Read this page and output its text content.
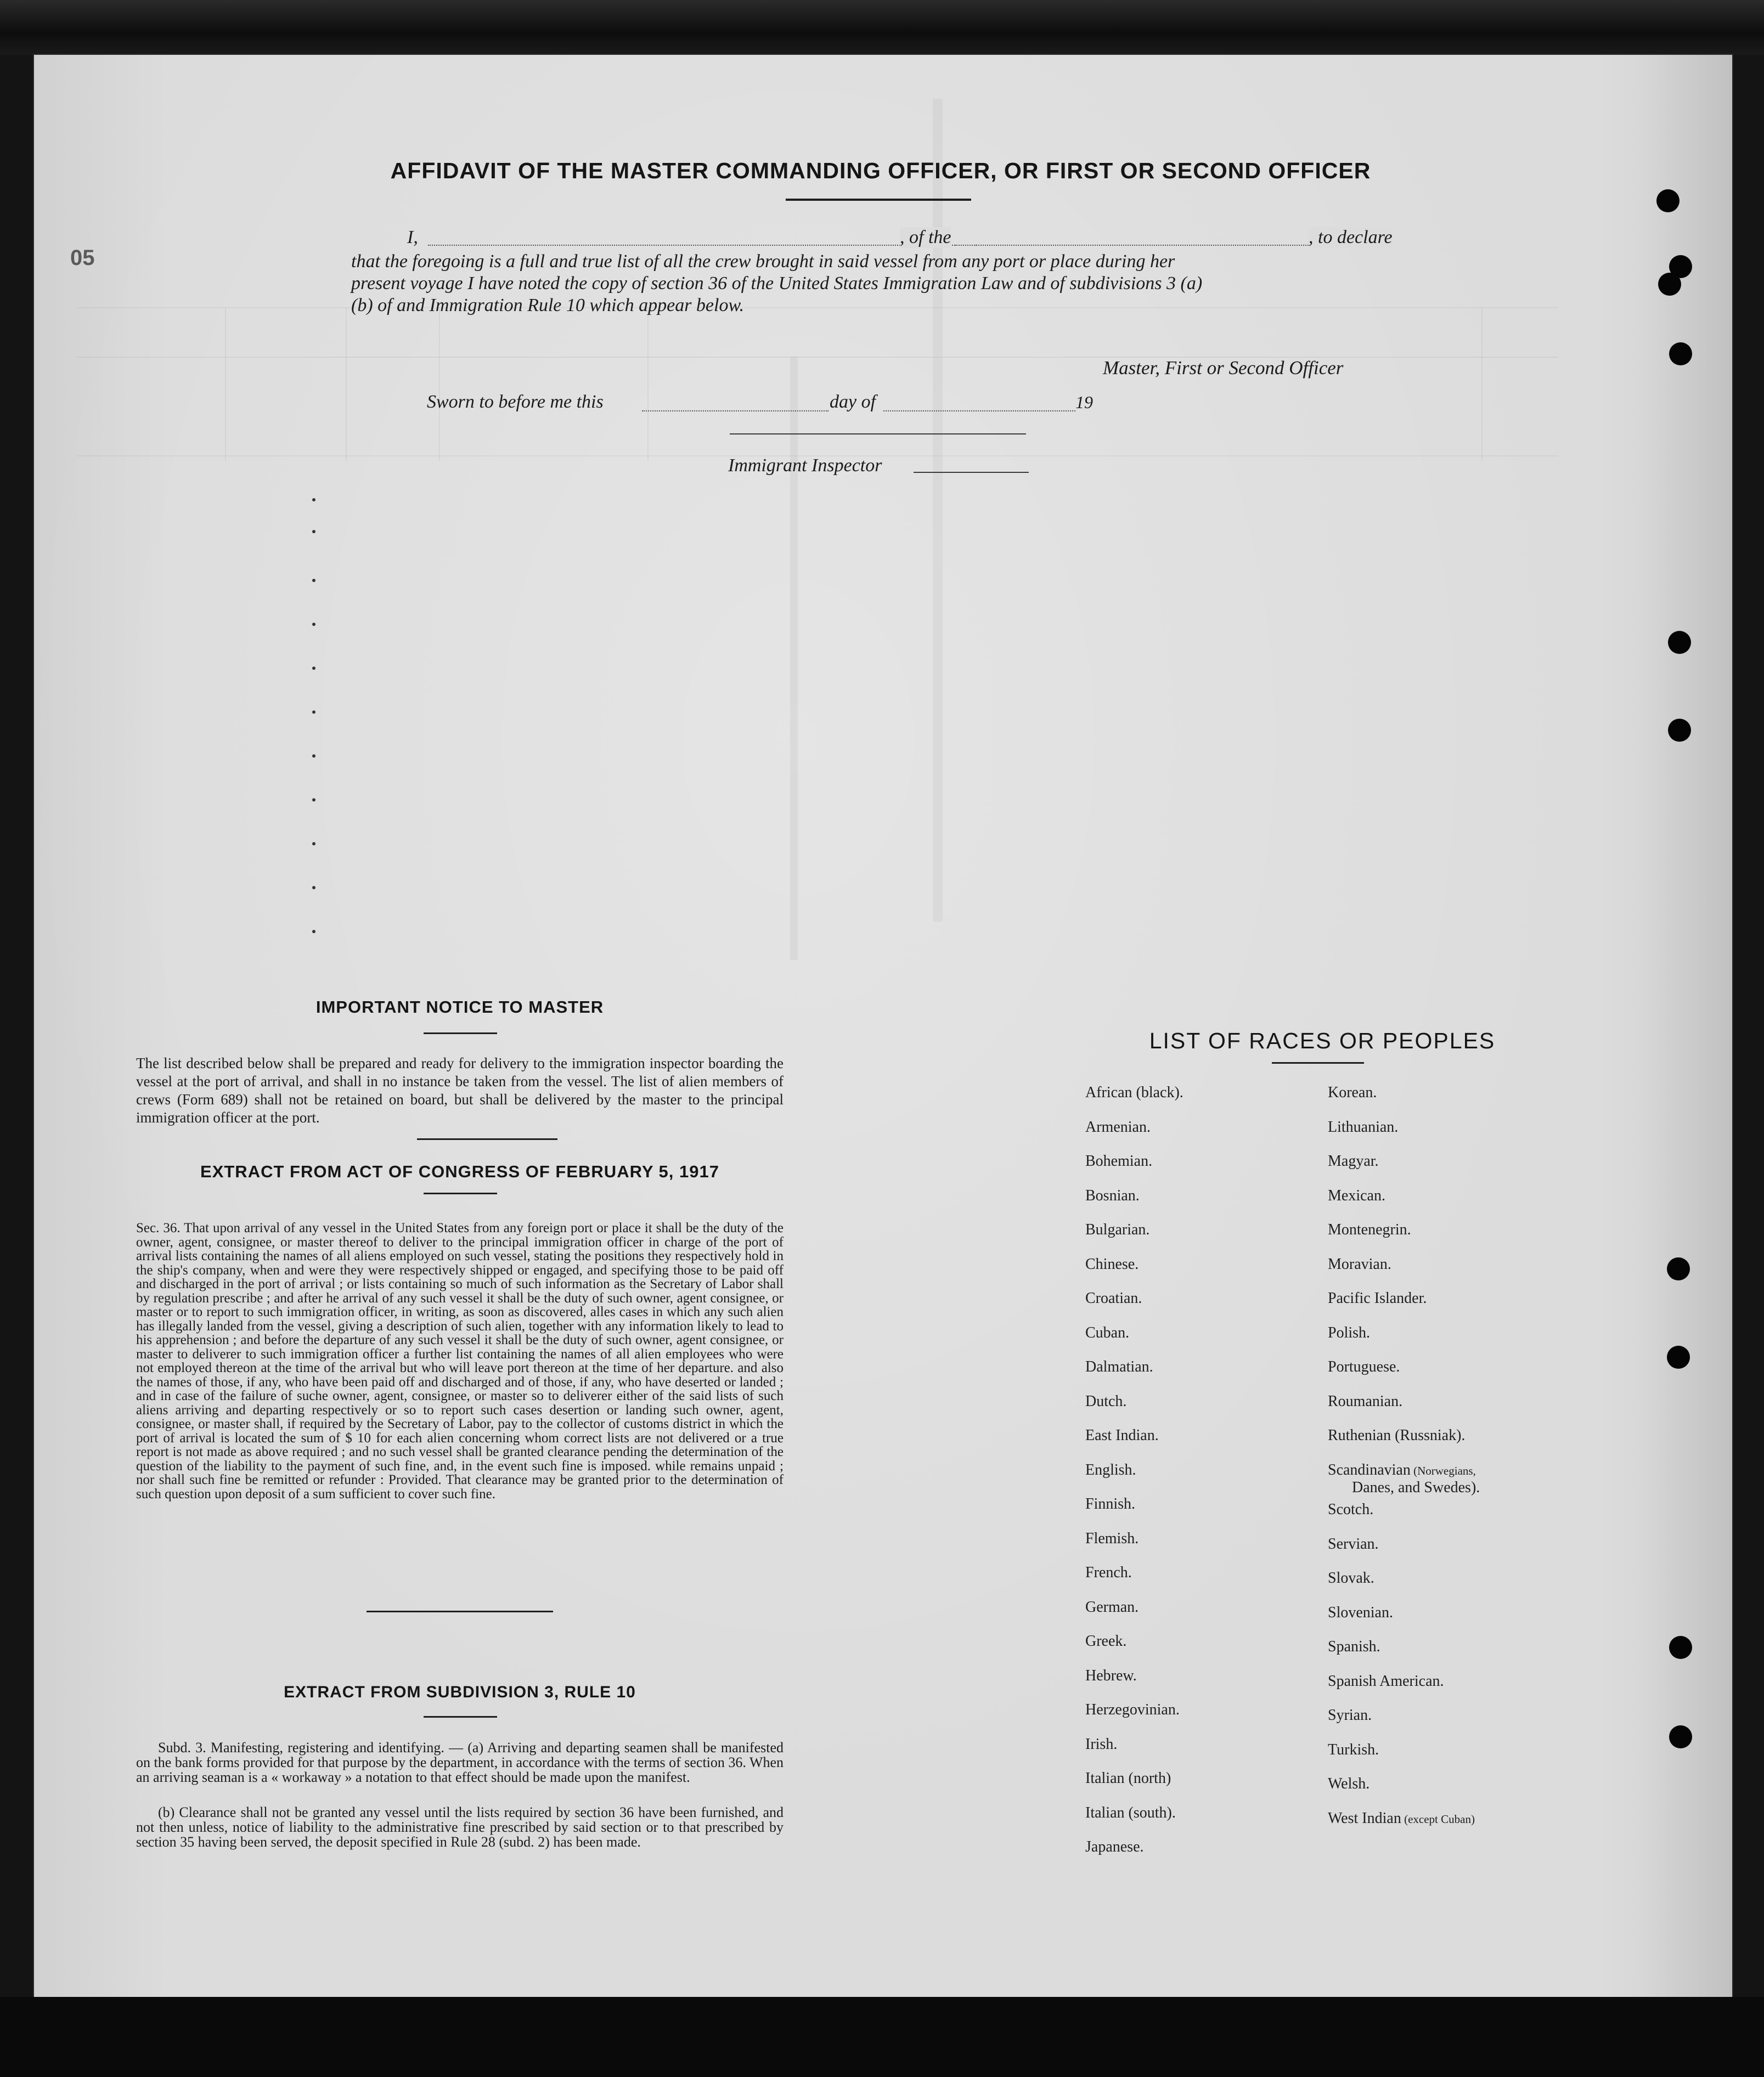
05
AFFIDAVIT OF THE MASTER COMMANDING OFFICER, OR FIRST OR SECOND OFFICER
I,	, of the	, to declare
that the foregoing is a full and true list of all the crew brought in said vessel from any port or place during her
present voyage I have noted the copy of section 36 of the United States Immigration Law and of subdivisions 3 (a)
(b) of and Immigration Rule 10 which appear below.
Master, First or Second Officer
Sworn to before me this	day of	19
Immigrant Inspector
IMPORTANT NOTICE TO MASTER
The list described below shall be prepared and ready for delivery to the immigration inspector boarding the vessel at the port of arrival, and shall in no instance be taken from the vessel. The list of alien members of crews (Form 689) shall not be retained on board, but shall be delivered by the master to the principal immigration officer at the port.
EXTRACT FROM ACT OF CONGRESS OF FEBRUARY 5, 1917
Sec. 36. That upon arrival of any vessel in the United States from any foreign port or place it shall be the duty of the owner, agent, consignee, or master thereof to deliver to the principal immigration officer in charge of the port of arrival lists containing the names of all aliens employed on such vessel, stating the positions they respectively hold in the ship's company, when and were they were respectively shipped or engaged, and specifying those to be paid off and discharged in the port of arrival ; or lists containing so much of such information as the Secretary of Labor shall by regulation prescribe ; and after he arrival of any such vessel it shall be the duty of such owner, agent consignee, or master or to report to such immigration officer, in writing, as soon as discovered, alles cases in which any such alien has illegally landed from the vessel, giving a description of such alien, together with any information likely to lead to his apprehension ; and before the departure of any such vessel it shall be the duty of such owner, agent consignee, or master to deliverer to such immigration officer a further list containing the names of all alien employees who were not employed thereon at the time of the arrival but who will leave port thereon at the time of her departure. and also the names of those, if any, who have been paid off and discharged and of those, if any, who have deserted or landed ; and in case of the failure of suche owner, agent, consignee, or master so to deliverer either of the said lists of such aliens arriving and departing respectively or so to report such cases desertion or landing such owner, agent, consignee, or master shall, if required by the Secretary of Labor, pay to the collector of customs district in which the port of arrival is located the sum of $ 10 for each alien concerning whom correct lists are not delivered or a true report is not made as above required ; and no such vessel shall be granted clearance pending the determination of the question of the liability to the payment of such fine, and, in the event such fine is imposed. while remains unpaid ; nor shall such fine be remitted or refunder : Provided. That clearance may be granted prior to the determination of such question upon deposit of a sum sufficient to cover such fine.
EXTRACT FROM SUBDIVISION 3, RULE 10
Subd. 3. Manifesting, registering and identifying. — (a) Arriving and departing seamen shall be manifested on the bank forms provided for that purpose by the department, in accordance with the terms of section 36. When an arriving seaman is a « workaway » a notation to that effect should be made upon the manifest.
(b) Clearance shall not be granted any vessel until the lists required by section 36 have been furnished, and not then unless, notice of liability to the administrative fine prescribed by said section or to that prescribed by section 35 having been served, the deposit specified in Rule 28 (subd. 2) has been made.
LIST OF RACES OR PEOPLES
African (black).
Armenian.
Bohemian.
Bosnian.
Bulgarian.
Chinese.
Croatian.
Cuban.
Dalmatian.
Dutch.
East Indian.
English.
Finnish.
Flemish.
French.
German.
Greek.
Hebrew.
Herzegovinian.
Irish.
Italian (north)
Italian (south).
Japanese.
Korean.
Lithuanian.
Magyar.
Mexican.
Montenegrin.
Moravian.
Pacific Islander.
Polish.
Portuguese.
Roumanian.
Ruthenian (Russniak).
Danes, and Swedes).
Scandinavian (Norwegians,
Scotch.
Servian.
Slovak.
Slovenian.
Spanish.
Spanish American.
Syrian.
Turkish.
Welsh.
West Indian (except Cuban)
